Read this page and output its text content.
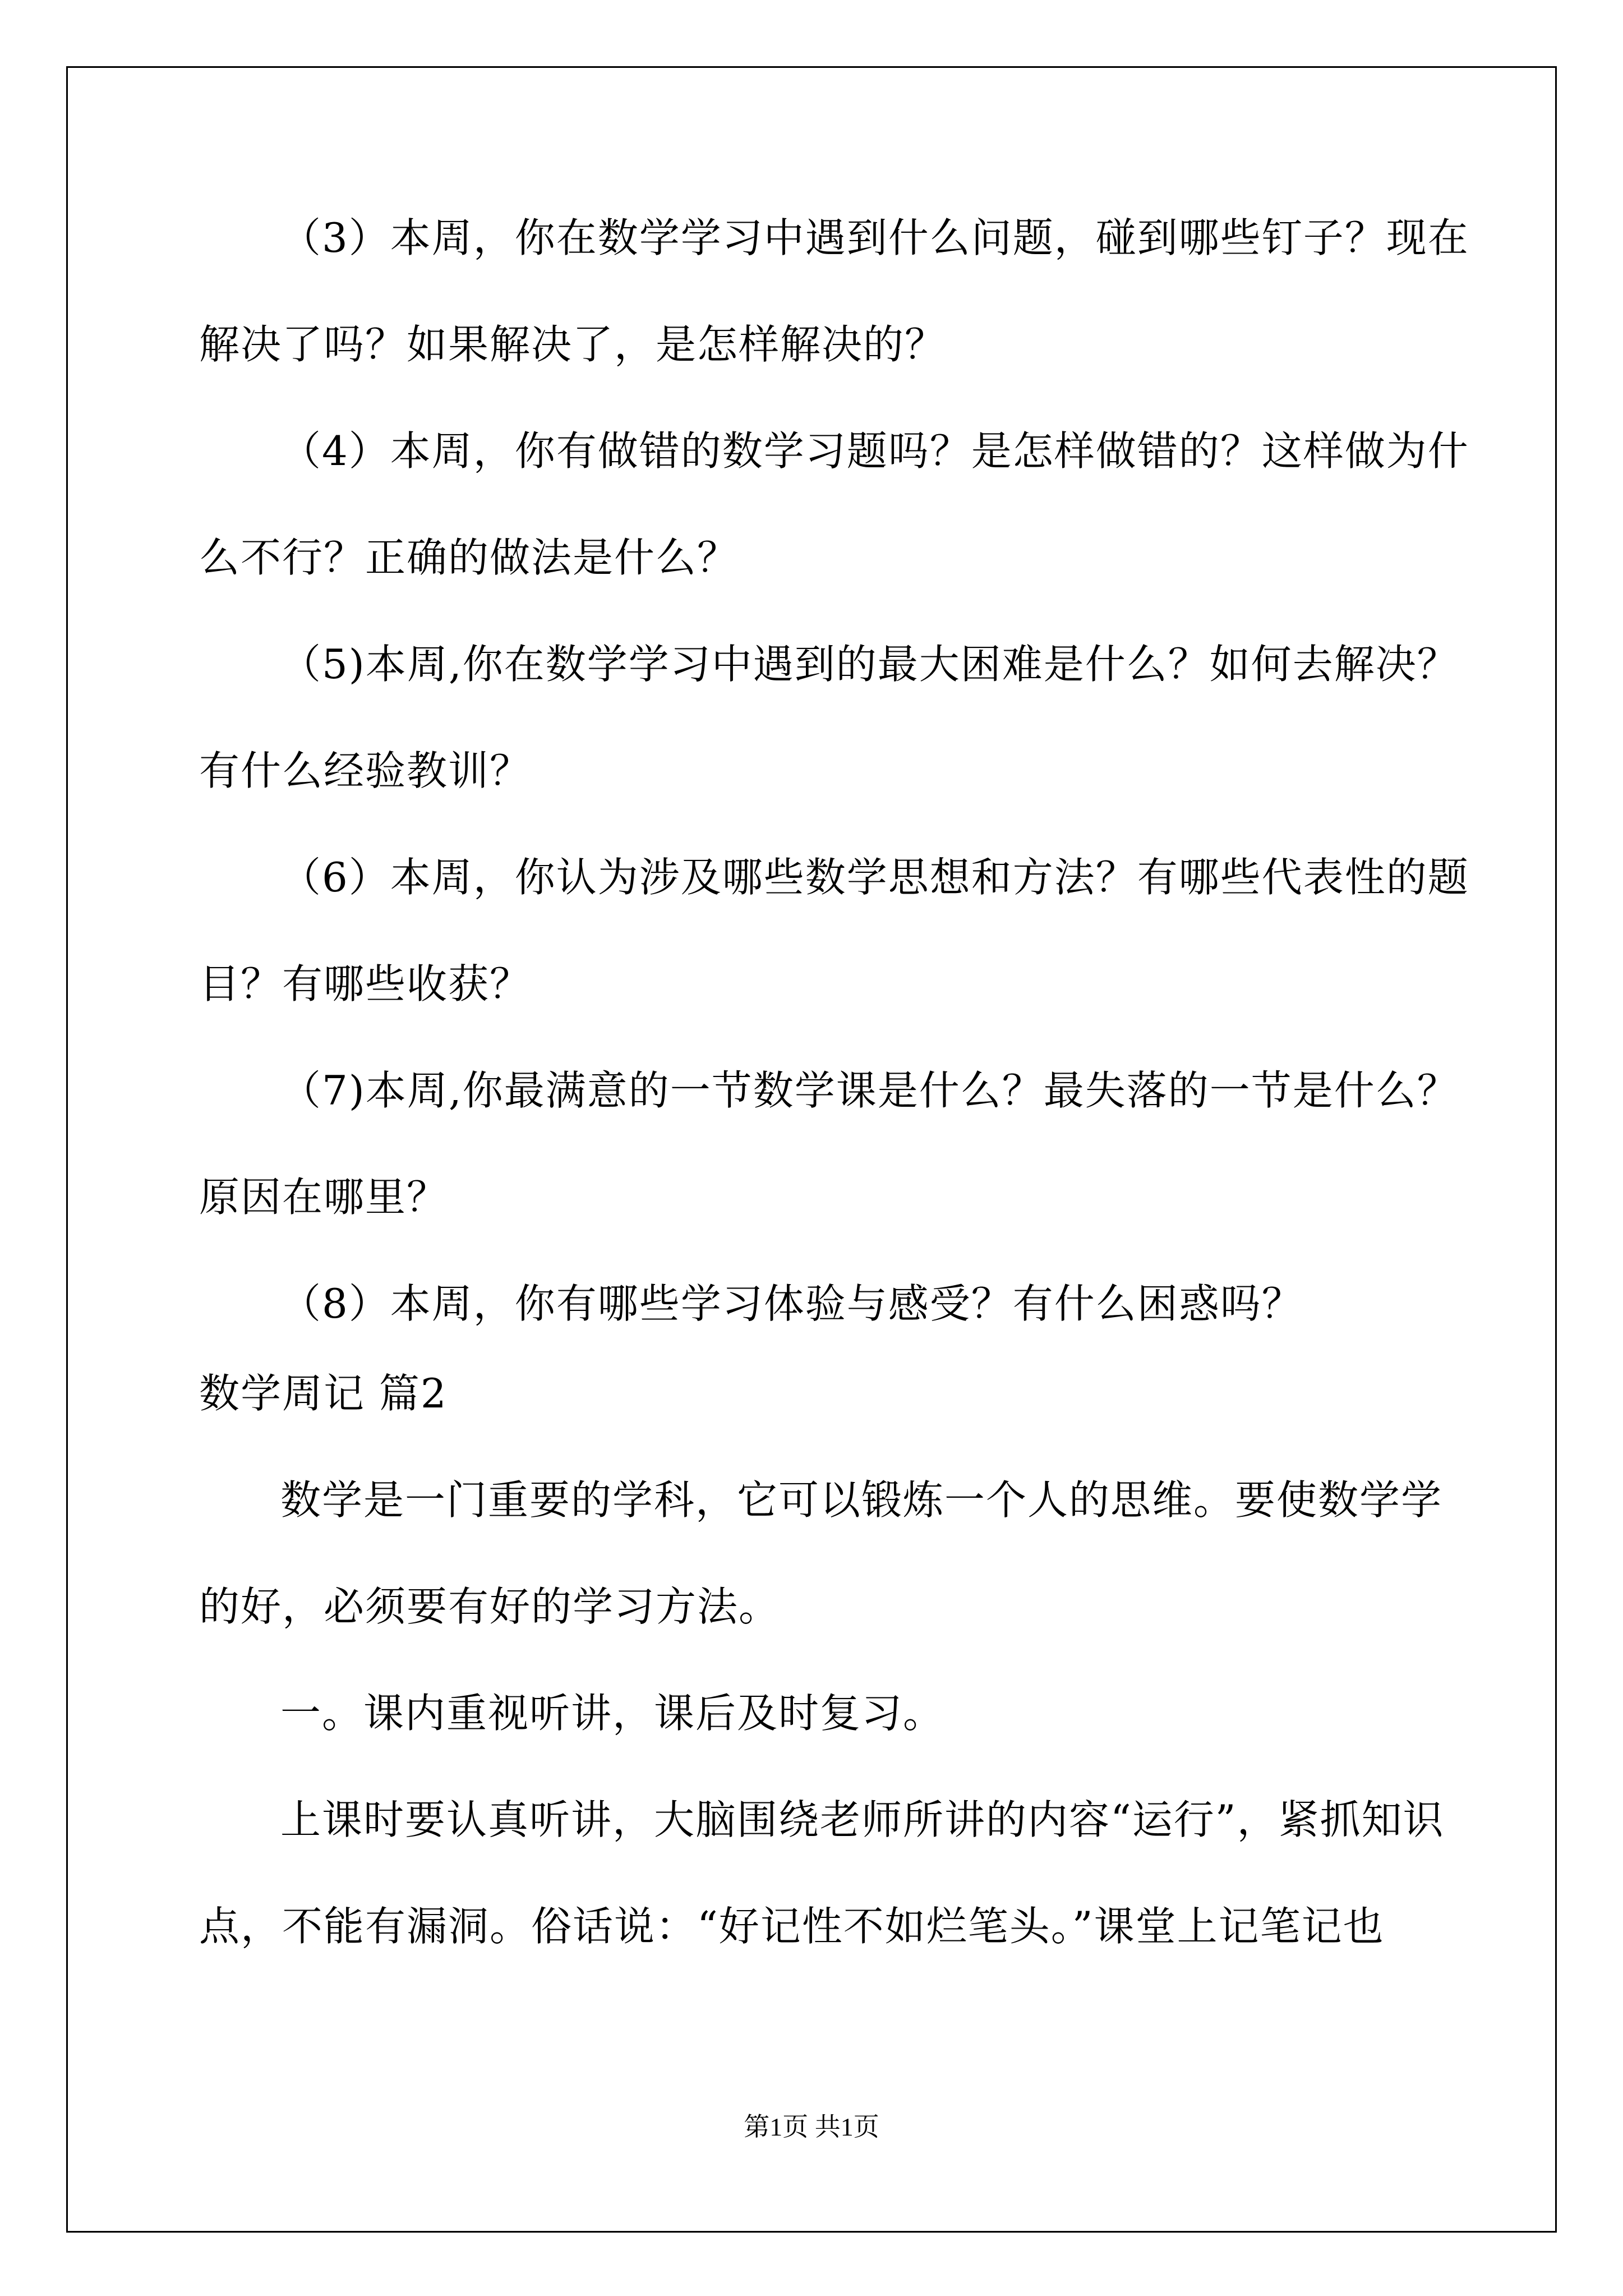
（3）本周，你在数学学习中遇到什么问题，碰到哪些钉子？现在
解决了吗？如果解决了，是怎样解决的？
（4）本周，你有做错的数学习题吗？是怎样做错的？这样做为什
么不行？正确的做法是什么？
（5)本周,你在数学学习中遇到的最大困难是什么？如何去解决？
有什么经验教训？
（6）本周，你认为涉及哪些数学思想和方法？有哪些代表性的题
目？有哪些收获？
（7)本周,你最满意的一节数学课是什么？最失落的一节是什么？
原因在哪里？
（8）本周，你有哪些学习体验与感受？有什么困惑吗？
数学周记 篇2
数学是一门重要的学科，它可以锻炼一个人的思维。要使数学学
的好，必须要有好的学习方法。
一。课内重视听讲，课后及时复习。
上课时要认真听讲，大脑围绕老师所讲的内容“运行”，紧抓知识
点，不能有漏洞。俗话说：“好记性不如烂笔头。”课堂上记笔记也
第1页 共1页
